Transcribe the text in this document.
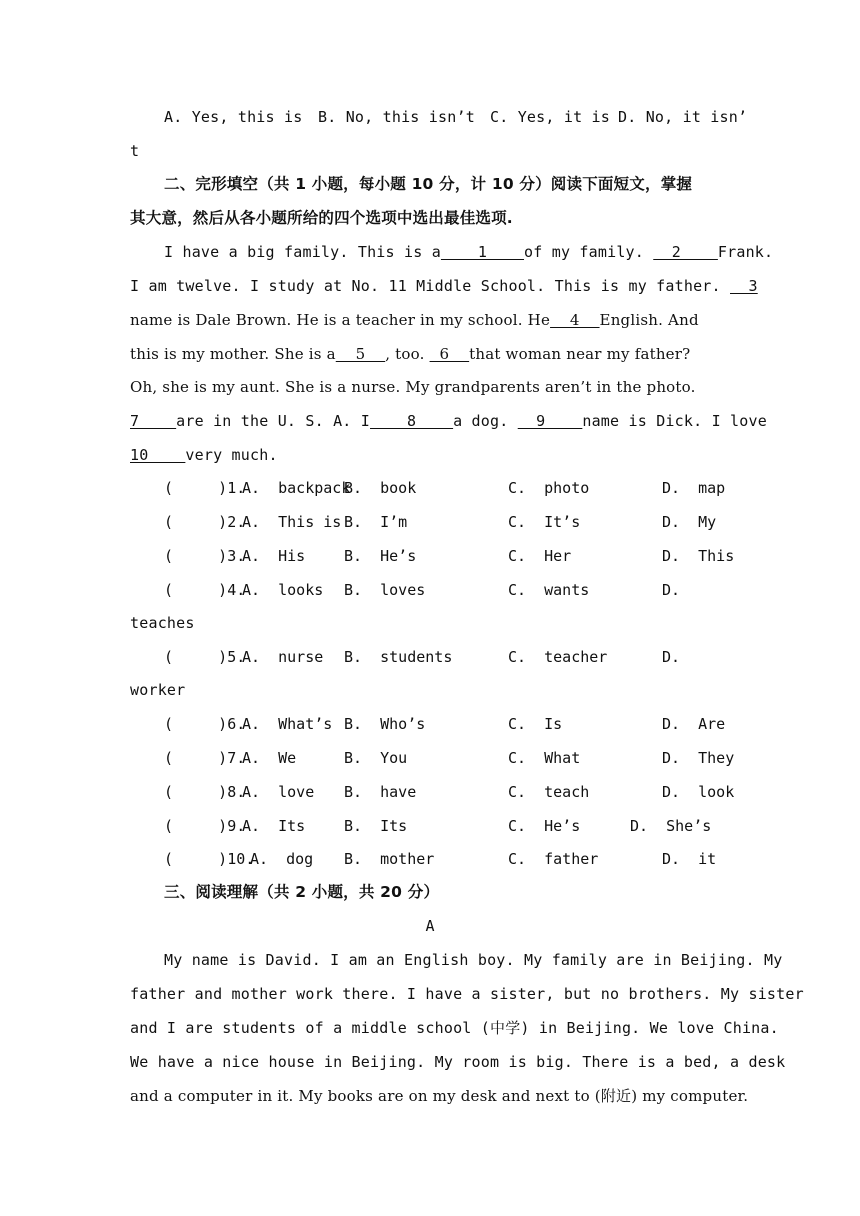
A. Yes, this is B. No, this isn’t C. Yes, it is D. No, it isn’
t
二、完形填空（共 1 小题，每小题 10 分，计 10 分）阅读下面短文，掌握
其大意，然后从各小题所给的四个选项中选出最佳选项.
I have a big family. This is a    1    of my family.   2    Frank.
I am twelve. I study at No. 11 Middle School. This is my father.   3
name is Dale Brown. He is a teacher in my school. He    4    English. And
this is my mother. She is a    5    , too.   6    that woman near my father?
Oh, she is my aunt. She is a nurse. My grandparents aren’t in the photo.
7    are in the U. S. A. I    8    a dog.   9    name is Dick. I love
10    very much.
(     )1.
A.  backpack
B.  book	C.  photo	D.  map
(     )2.
A.  This is B.  I’m	C.  It’s	D.  My
(     )3.
A.  His	B.  He’s	C.  Her	D.  This
(     )4.
A.  looks B.  loves	C.  wants	D.
teaches
(     )5.
A.  nurse B.  students	C.  teacher	D.
worker
(     )6.
A.  What’s B.  Who’s	C.  Is	D.  Are
(     )7.
A.  We	B.  You	C.  What	D.  They
(     )8.
A.  love B.  have	C.  teach	D.  look
(     )9.
A.  Its	B.  Its	C.  He’s	D.  She’s
(     )10.
A.  dog B.  mother	C.  father	D.  it
三、阅读理解（共 2 小题，共 20 分）
A
My name is David. I am an English boy. My family are in Beijing. My
father and mother work there. I have a sister, but no brothers. My sister
and I are students of a middle school (中学) in Beijing. We love China.
We have a nice house in Beijing. My room is big. There is a bed, a desk
and a computer in it. My books are on my desk and next to (附近) my computer.
